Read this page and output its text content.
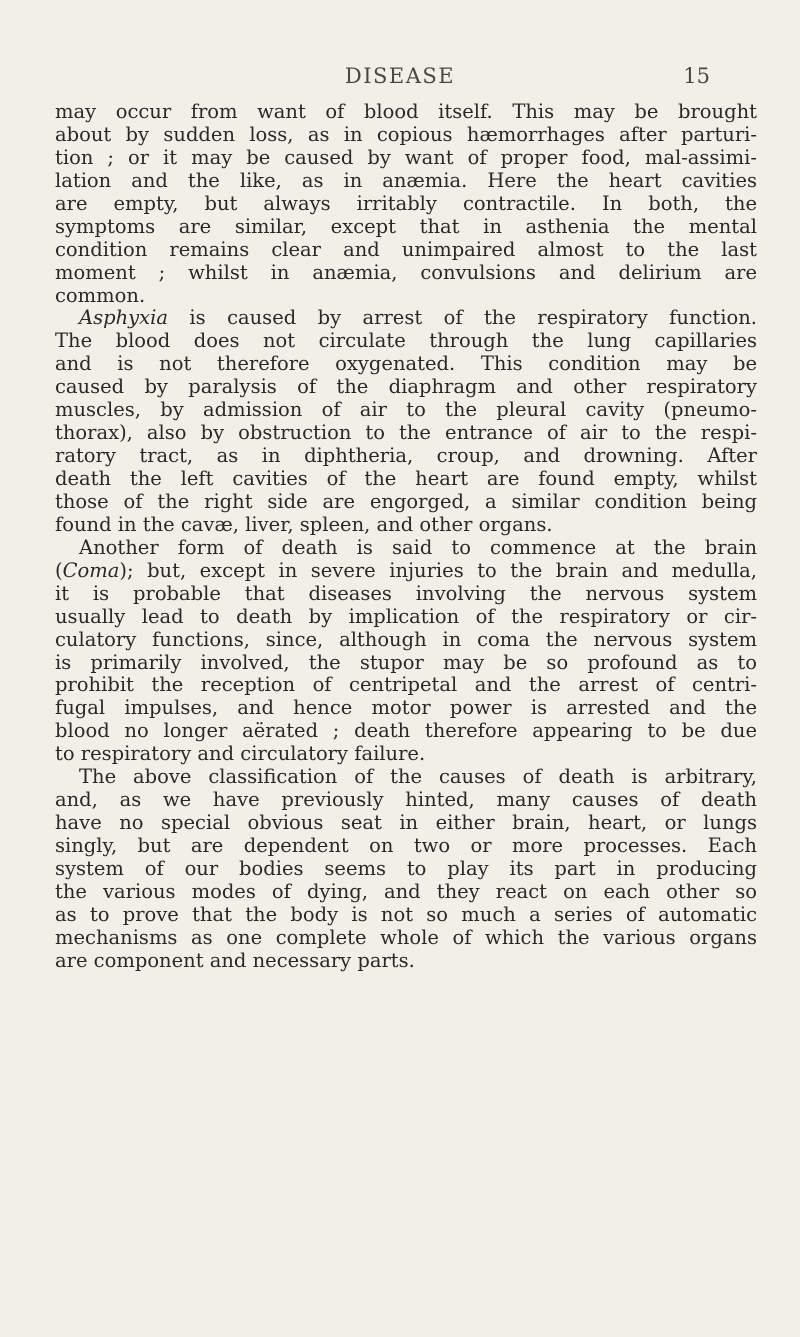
DISEASE	15
may occur from want of blood itself. This may be brought
about by sudden loss, as in copious hæmorrhages after parturi-
tion ; or it may be caused by want of proper food, mal-assimi-
lation and the like, as in anæmia. Here the heart cavities
are empty, but always irritably contractile. In both, the
symptoms are similar, except that in asthenia the mental
condition remains clear and unimpaired almost to the last
moment ; whilst in anæmia, convulsions and delirium are
common.
Asphyxia is caused by arrest of the respiratory function.
The blood does not circulate through the lung capillaries
and is not therefore oxygenated. This condition may be
caused by paralysis of the diaphragm and other respiratory
muscles, by admission of air to the pleural cavity (pneumo-
thorax), also by obstruction to the entrance of air to the respi-
ratory tract, as in diphtheria, croup, and drowning. After
death the left cavities of the heart are found empty, whilst
those of the right side are engorged, a similar condition being
found in the cavæ, liver, spleen, and other organs.
Another form of death is said to commence at the brain
(Coma); but, except in severe injuries to the brain and medulla,
it is probable that diseases involving the nervous system
usually lead to death by implication of the respiratory or cir-
culatory functions, since, although in coma the nervous system
is primarily involved, the stupor may be so profound as to
prohibit the reception of centripetal and the arrest of centri-
fugal impulses, and hence motor power is arrested and the
blood no longer aërated ; death therefore appearing to be due
to respiratory and circulatory failure.
The above classification of the causes of death is arbitrary,
and, as we have previously hinted, many causes of death
have no special obvious seat in either brain, heart, or lungs
singly, but are dependent on two or more processes. Each
system of our bodies seems to play its part in producing
the various modes of dying, and they react on each other so
as to prove that the body is not so much a series of automatic
mechanisms as one complete whole of which the various organs
are component and necessary parts.
